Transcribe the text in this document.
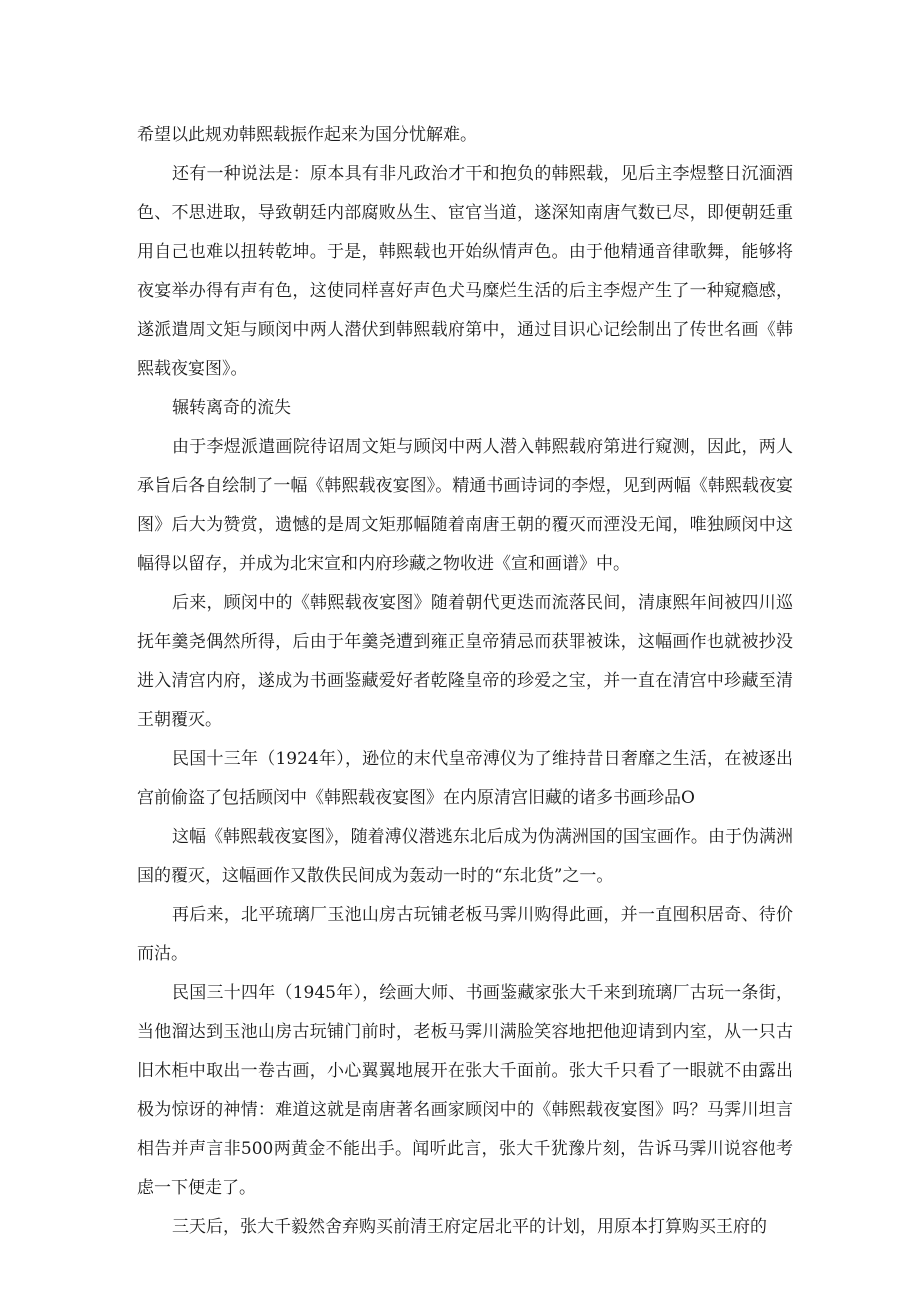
希望以此规劝韩熙载振作起来为国分忧解难。

还有一种说法是：原本具有非凡政治才干和抱负的韩熙载，见后主李煜整日沉湎酒色、不思进取，导致朝廷内部腐败丛生、宦官当道，遂深知南唐气数已尽，即便朝廷重用自己也难以扭转乾坤。于是，韩熙载也开始纵情声色。由于他精通音律歌舞，能够将夜宴举办得有声有色，这使同样喜好声色犬马糜烂生活的后主李煜产生了一种窥瘾感，遂派遣周文矩与顾闵中两人潜伏到韩熙载府第中，通过目识心记绘制出了传世名画《韩熙载夜宴图》。

辗转离奇的流失

由于李煜派遣画院待诏周文矩与顾闵中两人潜入韩熙载府第进行窥测，因此，两人承旨后各自绘制了一幅《韩熙载夜宴图》。精通书画诗词的李煜，见到两幅《韩熙载夜宴图》后大为赞赏，遗憾的是周文矩那幅随着南唐王朝的覆灭而湮没无闻，唯独顾闵中这幅得以留存，并成为北宋宣和内府珍藏之物收进《宣和画谱》中。

后来，顾闵中的《韩熙载夜宴图》随着朝代更迭而流落民间，清康熙年间被四川巡抚年羹尧偶然所得，后由于年羹尧遭到雍正皇帝猜忌而获罪被诛，这幅画作也就被抄没进入清宫内府，遂成为书画鉴藏爱好者乾隆皇帝的珍爱之宝，并一直在清宫中珍藏至清王朝覆灭。

民国十三年（1924年），逊位的末代皇帝溥仪为了维持昔日奢靡之生活，在被逐出宫前偷盗了包括顾闵中《韩熙载夜宴图》在内原清宫旧藏的诸多书画珍品O

这幅《韩熙载夜宴图》，随着溥仪潜逃东北后成为伪满洲国的国宝画作。由于伪满洲国的覆灭，这幅画作又散佚民间成为轰动一时的“东北货”之一。

再后来，北平琉璃厂玉池山房古玩铺老板马霁川购得此画，并一直囤积居奇、待价而沽。

民国三十四年（1945年），绘画大师、书画鉴藏家张大千来到琉璃厂古玩一条街，当他溜达到玉池山房古玩铺门前时，老板马霁川满脸笑容地把他迎请到内室，从一只古旧木柜中取出一卷古画，小心翼翼地展开在张大千面前。张大千只看了一眼就不由露出极为惊讶的神情：难道这就是南唐著名画家顾闵中的《韩熙载夜宴图》吗？马霁川坦言相告并声言非500两黄金不能出手。闻听此言，张大千犹豫片刻，告诉马霁川说容他考虑一下便走了。

三天后，张大千毅然舍弃购买前清王府定居北平的计划，用原本打算购买王府的
